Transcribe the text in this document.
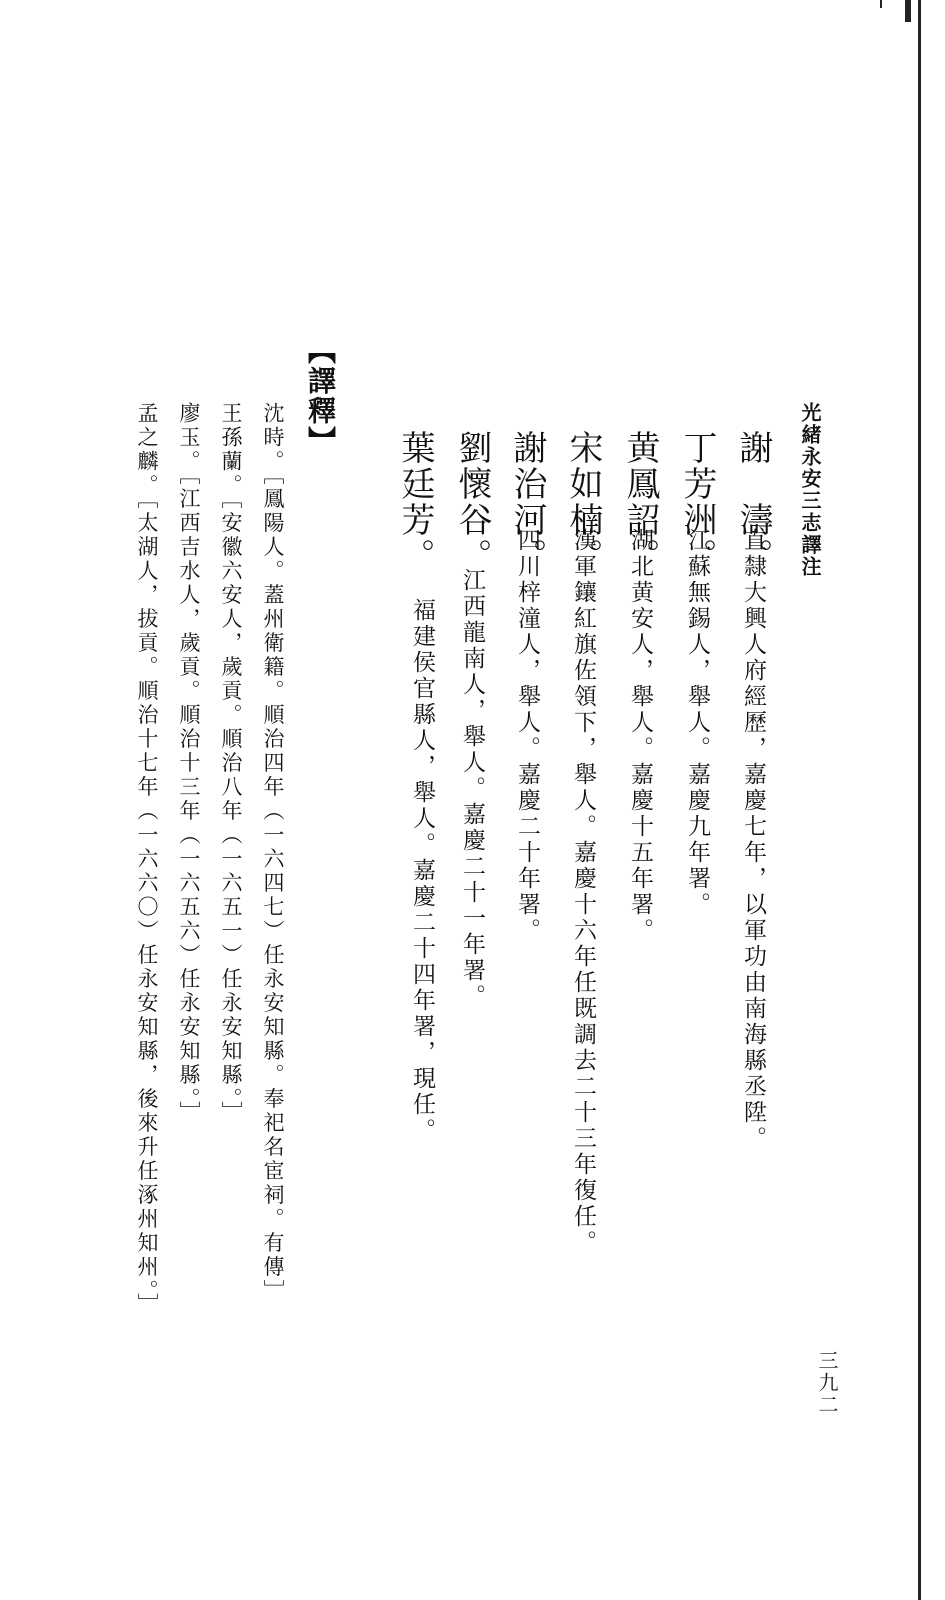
光緒永安三志譯注
三九二
謝　濤。
直隸大興人府經歷，嘉慶七年，以軍功由南海縣丞陞。
丁芳洲。
江蘇無錫人，舉人。嘉慶九年署。
黄鳳詔。
湖北黄安人，舉人。嘉慶十五年署。
宋如楠。
漢軍鑲紅旗佐領下，舉人。嘉慶十六年任既調去二十三年復任。
謝治河。
四川梓潼人，舉人。嘉慶二十年署。
劉懷谷。
江西龍南人，舉人。嘉慶二十一年署。
葉廷芳。
福建侯官縣人，舉人。嘉慶二十四年署，現任。
【譯釋】
沈時。［鳳陽人。蓋州衛籍。順治四年（一六四七）任永安知縣。奉祀名宦祠。有傳］
王孫蘭。［安徽六安人，歲貢。順治八年（一六五一）任永安知縣。］
廖玉。［江西吉水人，歲貢。順治十三年（一六五六）任永安知縣。］
孟之麟。［太湖人，拔貢。順治十七年（一六六〇）任永安知縣，後來升任涿州知州。］
